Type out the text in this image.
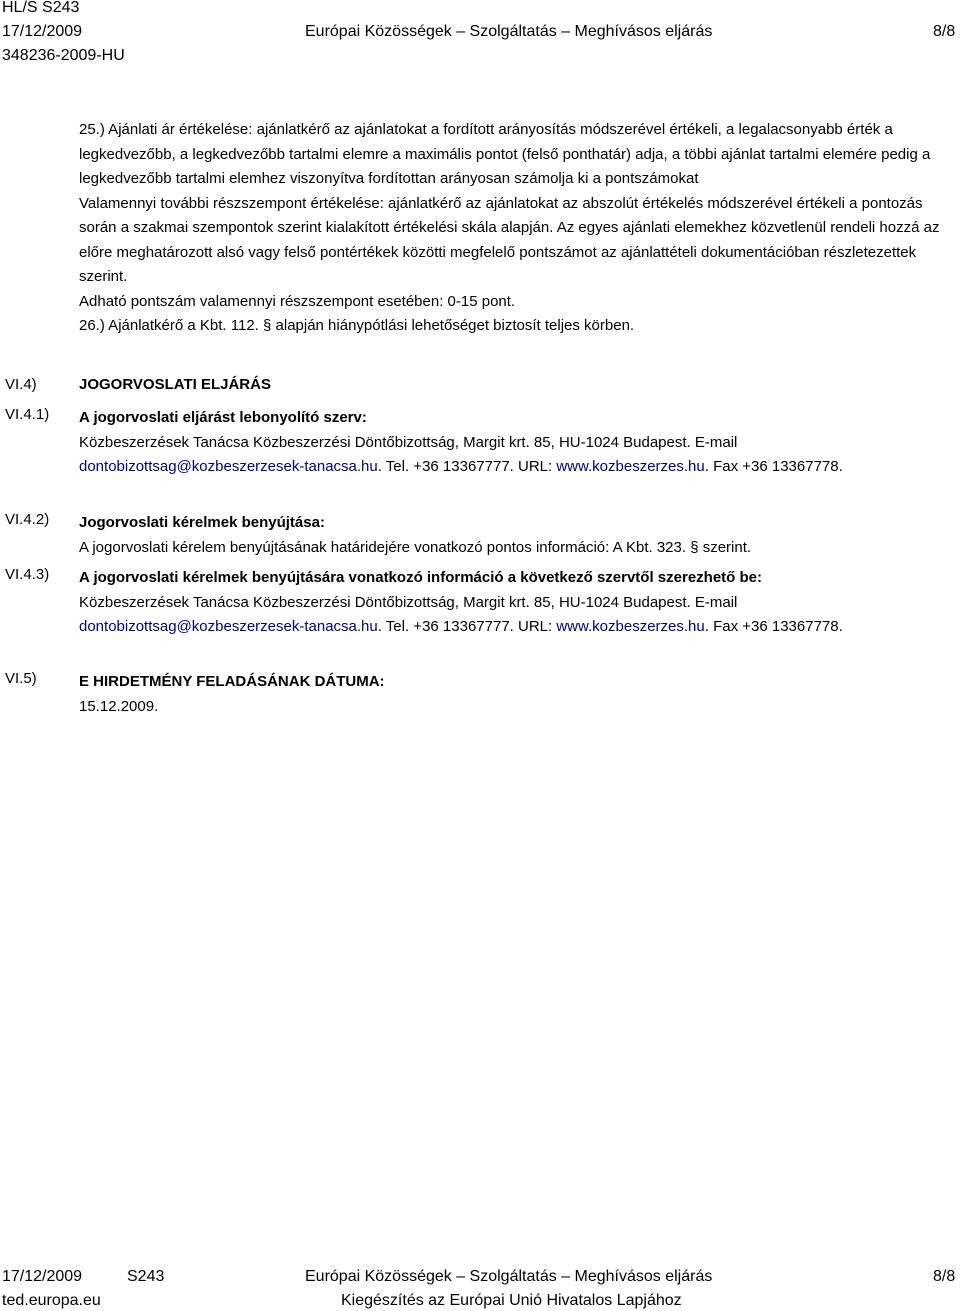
HL/S S243
17/12/2009	Európai Közösségek – Szolgáltatás – Meghívásos eljárás	8/8
348236-2009-HU

25.) Ajánlati ár értékelése: ajánlatkérő az ajánlatokat a fordított arányosítás módszerével értékeli, a legalacsonyabb érték a legkedvezőbb, a legkedvezőbb tartalmi elemre a maximális pontot (felső ponthatár) adja, a többi ajánlat tartalmi elemére pedig a legkedvezőbb tartalmi elemhez viszonyítva fordítottan arányosan számolja ki a pontszámokat

Valamennyi további részszempont értékelése: ajánlatkérő az ajánlatokat az abszolút értékelés módszerével értékeli a pontozás során a szakmai szempontok szerint kialakított értékelési skála alapján. Az egyes ajánlati elemekhez közvetlenül rendeli hozzá az előre meghatározott alsó vagy felső pontértékek közötti megfelelő pontszámot az ajánlattételi dokumentációban részletezettek szerint.

Adható pontszám valamennyi részszempont esetében: 0-15 pont.

26.) Ajánlatkérő a Kbt. 112. § alapján hiánypótlási lehetőséget biztosít teljes körben.

VI.4)	JOGORVOSLATI ELJÁRÁS
VI.4.1) A jogorvoslati eljárást lebonyolító szerv:
Közbeszerzések Tanácsa Közbeszerzési Döntőbizottság, Margit krt. 85, HU-1024 Budapest. E-mail
dontobizottsag@kozbeszerzesek-tanacsa.hu. Tel. +36 13367777. URL: www.kozbeszerzes.hu. Fax +36 13367778.
VI.4.2) Jogorvoslati kérelmek benyújtása:
A jogorvoslati kérelem benyújtásának határidejére vonatkozó pontos információ: A Kbt. 323. § szerint.
VI.4.3) A jogorvoslati kérelmek benyújtására vonatkozó információ a következő szervtől szerezhető be:
Közbeszerzések Tanácsa Közbeszerzési Döntőbizottság, Margit krt. 85, HU-1024 Budapest. E-mail
dontobizottsag@kozbeszerzesek-tanacsa.hu. Tel. +36 13367777. URL: www.kozbeszerzes.hu. Fax +36 13367778.
VI.5)	E HIRDETMÉNY FELADÁSÁNAK DÁTUMA:
15.12.2009.
17/12/2009	S243	Európai Közösségek – Szolgáltatás – Meghívásos eljárás	8/8
ted.europa.eu	Kiegészítés az Európai Unió Hivatalos Lapjához
